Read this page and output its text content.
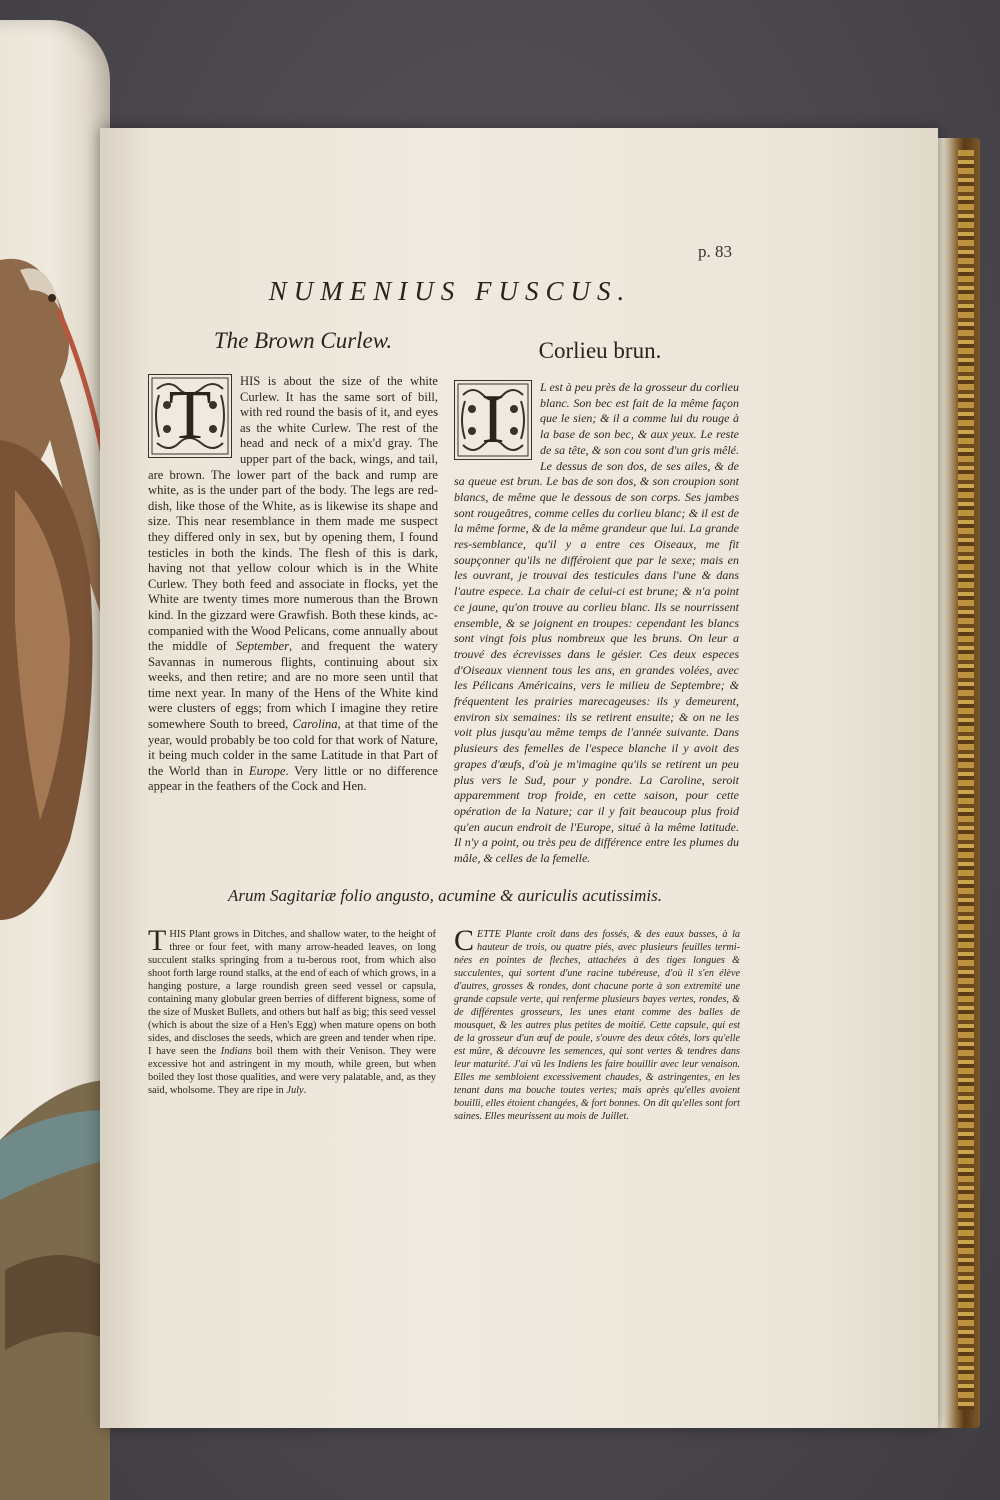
p. 83
NUMENIUS FUSCUS.
The Brown Curlew.	Corlieu brun.
T	HIS is about the size of the white Curlew. It has the same sort of bill, with red round the basis of it, and eyes as the white Curlew. The rest of the head and neck of a mix'd gray. The upper part of the back, wings, and tail, are brown. The lower part of the back and rump are white, as is the under part of the body. The legs are red-dish, like those of the White, as is likewise its shape and size. This near resemblance in them made me suspect they differed only in sex, but by opening them, I found testicles in both the kinds. The flesh of this is dark, having not that yellow colour which is in the White Curlew. They both feed and associate in flocks, yet the White are twenty times more numerous than the Brown kind. In the gizzard were Grawfish. Both these kinds, ac-companied with the Wood Pelicans, come annually about the middle of September, and frequent the watery Savannas in numerous flights, continuing about six weeks, and then retire; and are no more seen until that time next year. In many of the Hens of the White kind were clusters of eggs; from which I imagine they retire somewhere South to breed, Carolina, at that time of the year, would probably be too cold for that work of Nature, it being much colder in the same Latitude in that Part of the World than in Europe. Very little or no difference appear in the feathers of the Cock and Hen.
I	L est à peu près de la grosseur du corlieu blanc. Son bec est fait de la même façon que le sien; & il a comme lui du rouge à la base de son bec, & aux yeux. Le reste de sa tête, & son cou sont d'un gris mêlé. Le dessus de son dos, de ses ailes, & de sa queue est brun. Le bas de son dos, & son croupion sont blancs, de même que le dessous de son corps. Ses jambes sont rougeâtres, comme celles du corlieu blanc; & il est de la même forme, & de la même grandeur que lui. La grande res-semblance, qu'il y a entre ces Oiseaux, me fit soupçonner qu'ils ne différoient que par le sexe; mais en les ouvrant, je trouvai des testicules dans l'une & dans l'autre espece. La chair de celui-ci est brune; & n'a point ce jaune, qu'on trouve au corlieu blanc. Ils se nourrissent ensemble, & se joignent en troupes: cependant les blancs sont vingt fois plus nombreux que les bruns. On leur a trouvé des écrevisses dans le gésier. Ces deux especes d'Oiseaux viennent tous les ans, en grandes volées, avec les Pélicans Américains, vers le milieu de Septembre; & fréquentent les prairies marecageuses: ils y demeurent, environ six semaines: ils se retirent ensuite; & on ne les voit plus jusqu'au même temps de l'année suivante. Dans plusieurs des femelles de l'espece blanche il y avoit des grapes d'œufs, d'où je m'imagine qu'ils se retirent un peu plus vers le Sud, pour y pondre. La Caroline, seroit apparemment trop froide, en cette saison, pour cette opération de la Nature; car il y fait beaucoup plus froid qu'en aucun endroit de l'Europe, situé à la même latitude. Il n'y a point, ou très peu de différence entre les plumes du mâle, & celles de la femelle.
Arum Sagitariæ folio angusto, acumine & auriculis acutissimis.
THIS Plant grows in Ditches, and shallow water, to the height of three or four feet, with many arrow-headed leaves, on long succulent stalks springing from a tu-berous root, from which also shoot forth large round stalks, at the end of each of which grows, in a hanging posture, a large roundish green seed vessel or capsula, containing many globular green berries of different bigness, some of the size of Musket Bullets, and others but half as big; this seed vessel (which is about the size of a Hen's Egg) when mature opens on both sides, and discloses the seeds, which are green and tender when ripe. I have seen the Indians boil them with their Venison. They were excessive hot and astringent in my mouth, while green, but when boiled they lost those qualities, and were very palatable, and, as they said, wholsome. They are ripe in July.
CETTE Plante croît dans des fossés, & des eaux basses, à la hauteur de trois, ou quatre piés, avec plusieurs feuilles termi-nées en pointes de fleches, attachées à des tiges longues & succulentes, qui sortent d'une racine tubéreuse, d'où il s'en élève d'autres, grosses & rondes, dont chacune porte à son extremité une grande capsule verte, qui renferme plusieurs bayes vertes, rondes, & de différentes grosseurs, les unes etant comme des balles de mousquet, & les autres plus petites de moitié. Cette capsule, qui est de la grosseur d'un œuf de poule, s'ouvre des deux côtés, lors qu'elle est mûre, & découvre les semences, qui sont vertes & tendres dans leur maturité. J'ai vû les Indiens les faire bouillir avec leur venaison. Elles me sembloient excessivement chaudes, & astringentes, en les tenant dans ma bouche toutes vertes; mais après qu'elles avoient bouilli, elles étoient changées, & fort bonnes. On dit qu'elles sont fort saines. Elles meurissent au mois de Juillet.
